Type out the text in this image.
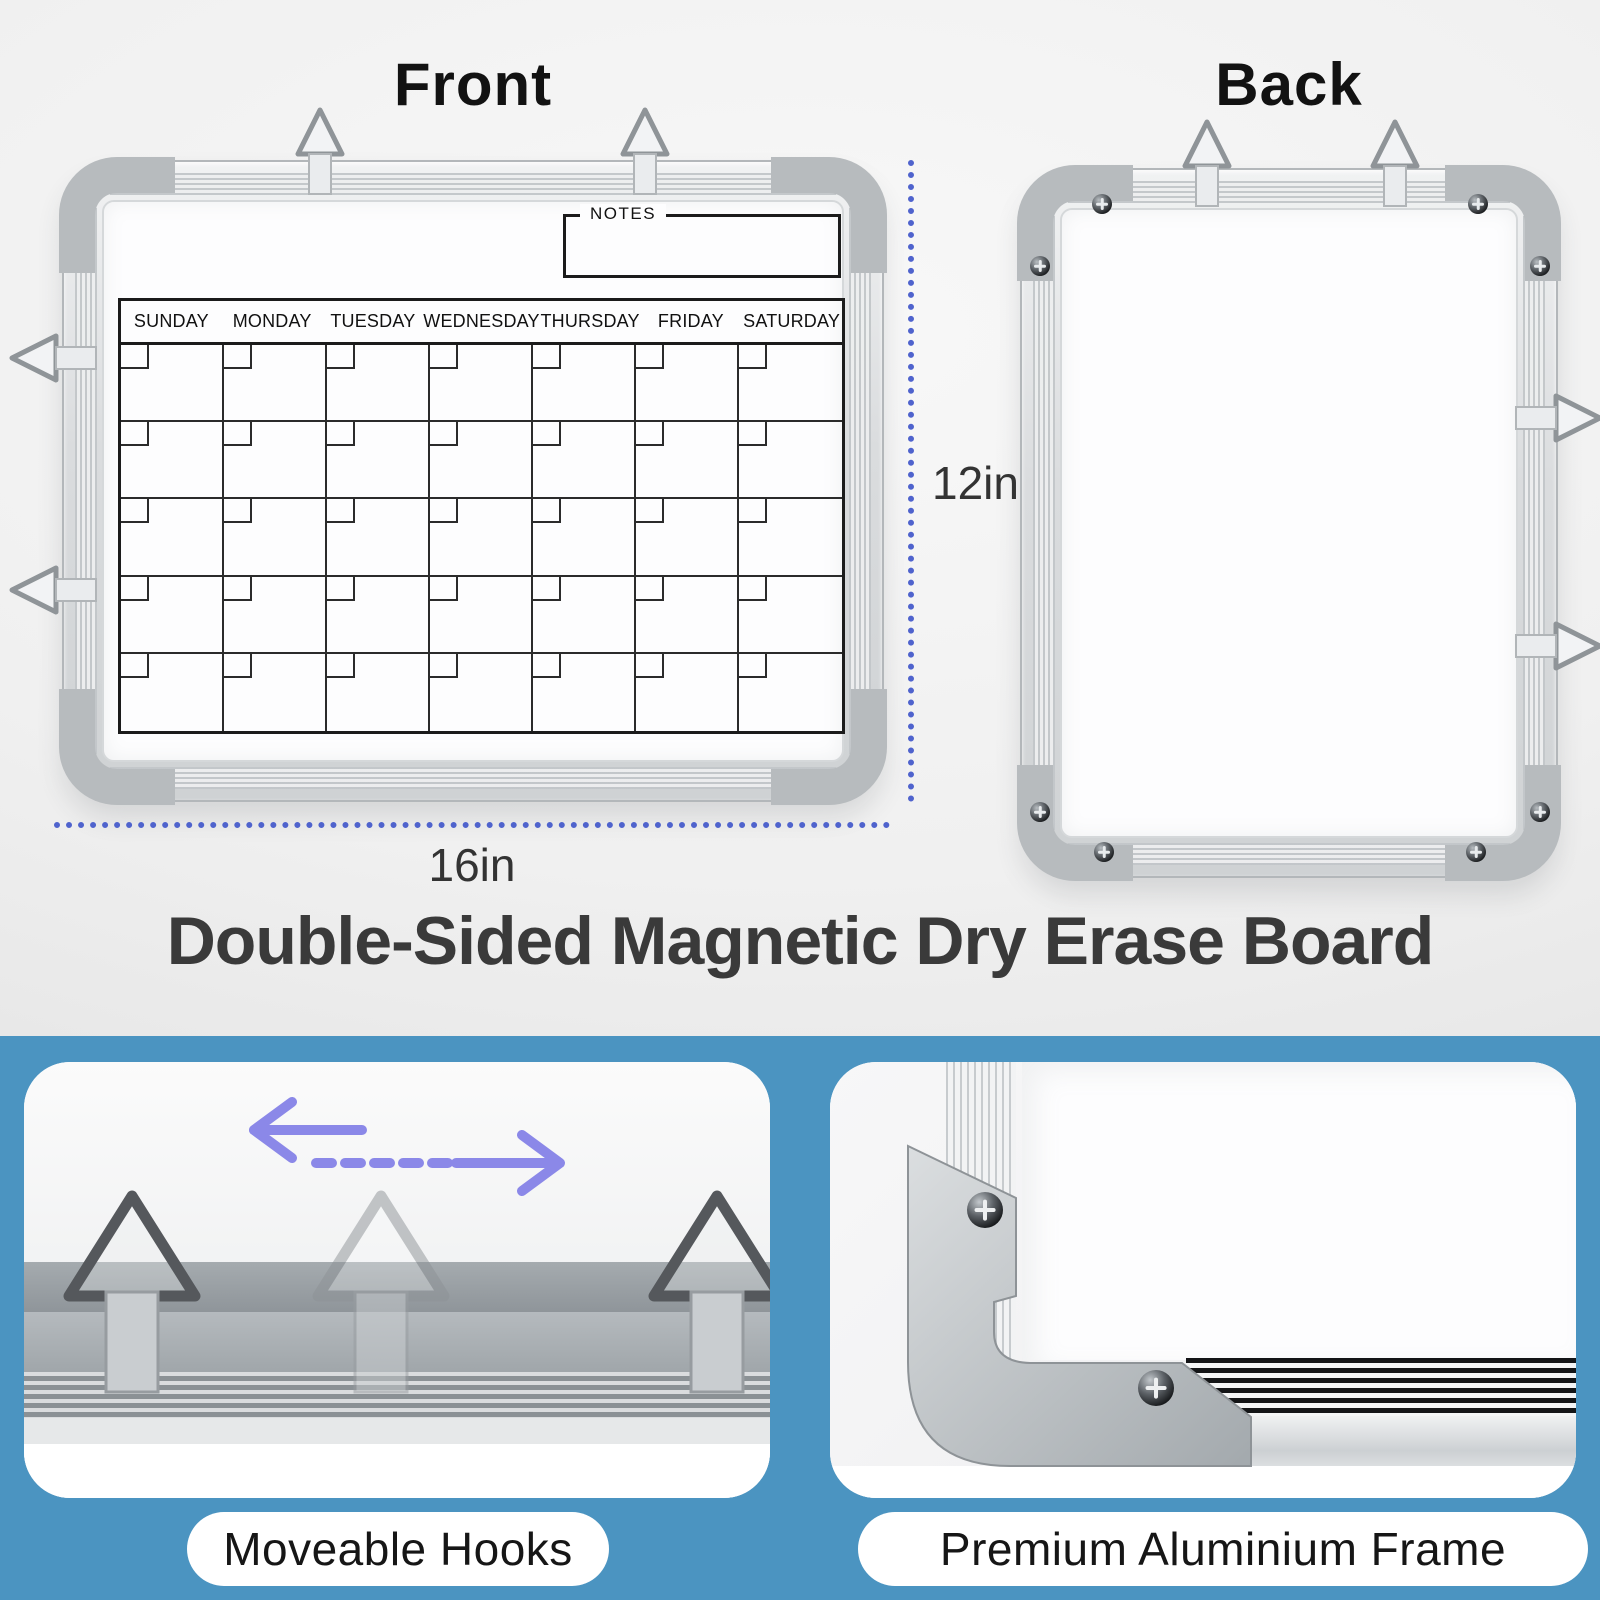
Front	Back
NOTES
SUNDAY	MONDAY	TUESDAY WEDNESDAY THURSDAY	FRIDAY	SATURDAY
12in
16in
Double-Sided Magnetic Dry Erase Board
Moveable Hooks	Premium Aluminium Frame
